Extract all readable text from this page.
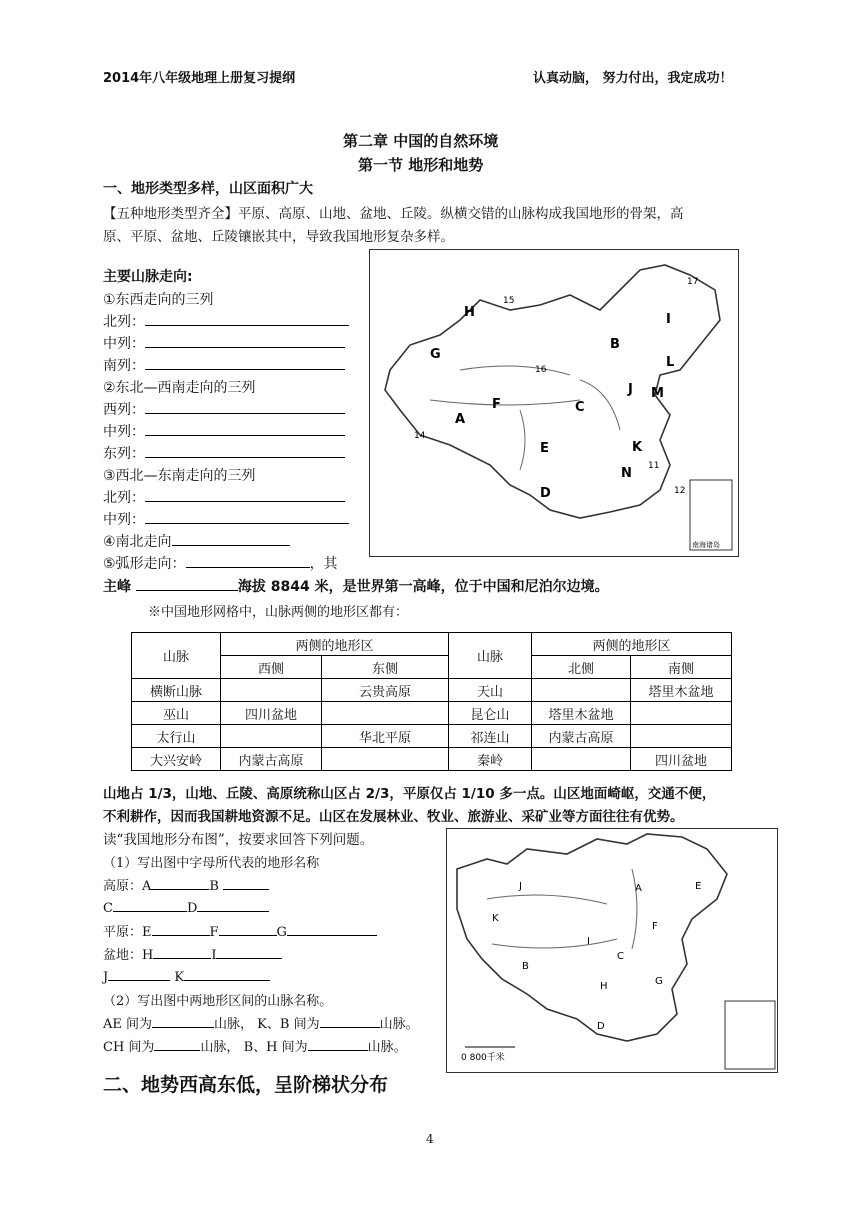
2014年八年级地理上册复习提纲	认真动脑， 努力付出，我定成功！
第二章 中国的自然环境
第一节 地形和地势
一、地形类型多样，山区面积广大
【五种地形类型齐全】平原、高原、山地、盆地、丘陵。纵横交错的山脉构成我国地形的骨架，高
原、平原、盆地、丘陵镶嵌其中，导致我国地形复杂多样。
主要山脉走向:
①东西走向的三列
北列：
中列：
南列：
②东北—西南走向的三列
西列：
中列：
东列：
③西北—东南走向的三列
北列：
中列：
④南北走向
⑤弧形走向：	，其
主峰	海拔 8844 米，是世界第一高峰，位于中国和尼泊尔边境。
H
G
A
F
B
C
E
D
I
J
L
M
K
N
15
16
17
14
11
12
南海诸岛
※中国地形网格中，山脉两侧的地形区都有：
山脉	两侧的地形区		山脉	两侧的地形区	
	西侧	东侧		北侧	南侧
横断山脉		云贵高原	天山		塔里木盆地
巫山	四川盆地		昆仑山	塔里木盆地	
太行山		华北平原	祁连山	内蒙古高原	
大兴安岭	内蒙古高原		秦岭		四川盆地
山地占 1/3，山地、丘陵、高原统称山区占 2/3，平原仅占 1/10 多一点。山区地面崎岖，交通不便，
不利耕作，因而我国耕地资源不足。山区在发展林业、牧业、旅游业、采矿业等方面往往有优势。
读“我国地形分布图”，按要求回答下列问题。
（1）写出图中字母所代表的地形名称
高原：A	B
C	D
平原：E	F	G
盆地：H	I
J	K
（2）写出图中两地形区间的山脉名称。
AE 间为	山脉， K、B 间为	山脉。
CH 间为	山脉， B、H 间为	山脉。
J
K
E
A
F
I
C
B
H	G
D
0 800千米
二、地势西高东低，呈阶梯状分布
4
